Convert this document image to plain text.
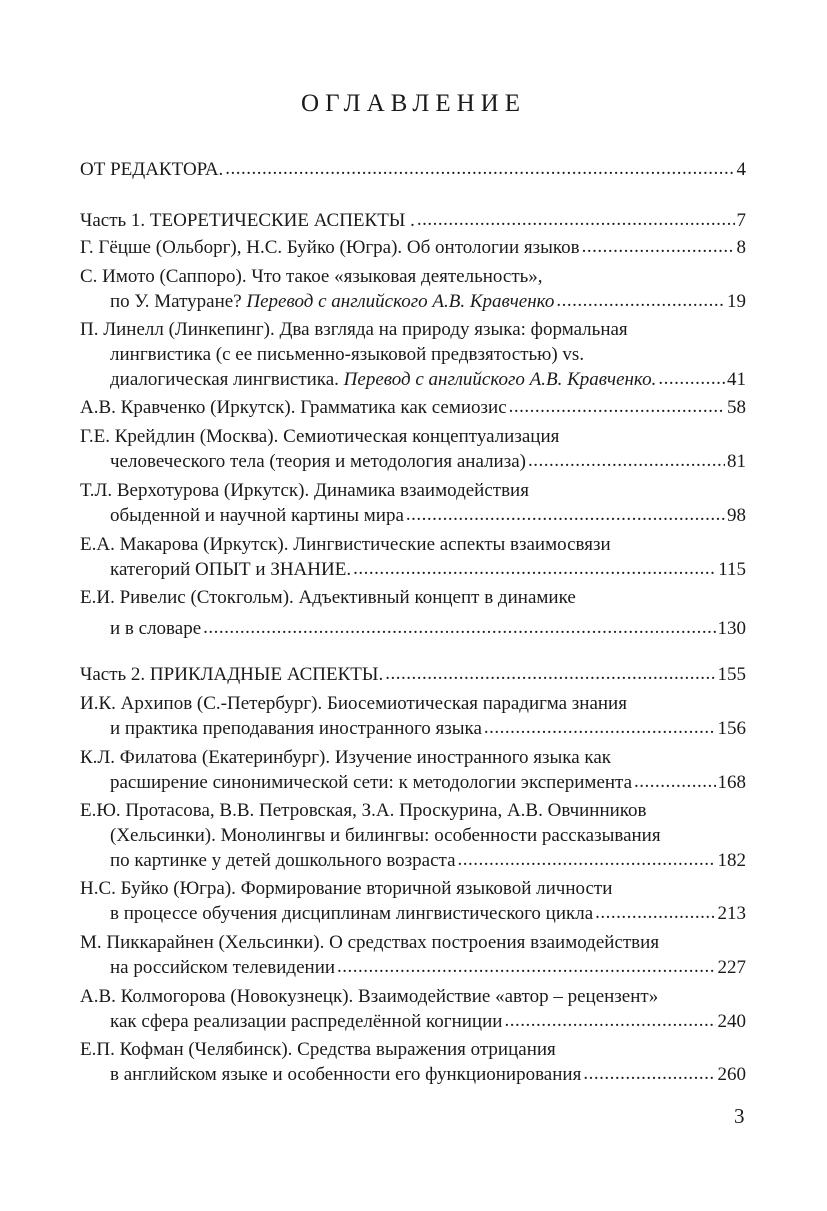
ОГЛАВЛЕНИЕ
ОТ РЕДАКТОРА. .....	4
Часть 1. ТЕОРЕТИЧЕСКИЕ АСПЕКТЫ . .....	7
Г. Гёцше (Ольборг), Н.С. Буйко (Югра). Об онтологии языков .....	8
С. Имото (Саппоро). Что такое «языковая деятельность»,
по У. Матуране? Перевод с английского А.В. Кравченко .....	19
П. Линелл (Линкепинг). Два взгляда на природу языка: формальная
лингвистика (с ее письменно-языковой предвзятостью) vs.
диалогическая лингвистика. Перевод с английского А.В. Кравченко. .....	41
А.В. Кравченко (Иркутск). Грамматика как семиозис .....	58
Г.Е. Крейдлин (Москва). Семиотическая концептуализация
человеческого тела (теория и методология анализа) .....	81
Т.Л. Верхотурова (Иркутск). Динамика взаимодействия
обыденной и научной картины мира .....	98
Е.А. Макарова (Иркутск). Лингвистические аспекты взаимосвязи
категорий ОПЫТ и ЗНАНИЕ. .....	115
Е.И. Ривелис (Стокгольм). Адъективный концепт в динамике
и в словаре .....	130
Часть 2. ПРИКЛАДНЫЕ АСПЕКТЫ. .....	155
И.К. Архипов (С.-Петербург). Биосемиотическая парадигма знания
и практика преподавания иностранного языка .....	156
К.Л. Филатова (Екатеринбург). Изучение иностранного языка как
расширение синонимической сети: к методологии эксперимента .....	168
Е.Ю. Протасова, В.В. Петровская, З.А. Проскурина, А.В. Овчинников
(Хельсинки). Монолингвы и билингвы: особенности рассказывания
по картинке у детей дошкольного возраста .....	182
Н.С. Буйко (Югра). Формирование вторичной языковой личности
в процессе обучения дисциплинам лингвистического цикла .....	213
М. Пиккарайнен (Хельсинки). О средствах построения взаимодействия
на российском телевидении .....	227
А.В. Колмогорова (Новокузнецк). Взаимодействие «автор – рецензент»
как сфера реализации распределённой когниции .....	240
Е.П. Кофман (Челябинск). Средства выражения отрицания
в английском языке и особенности его функционирования .....	260
3
